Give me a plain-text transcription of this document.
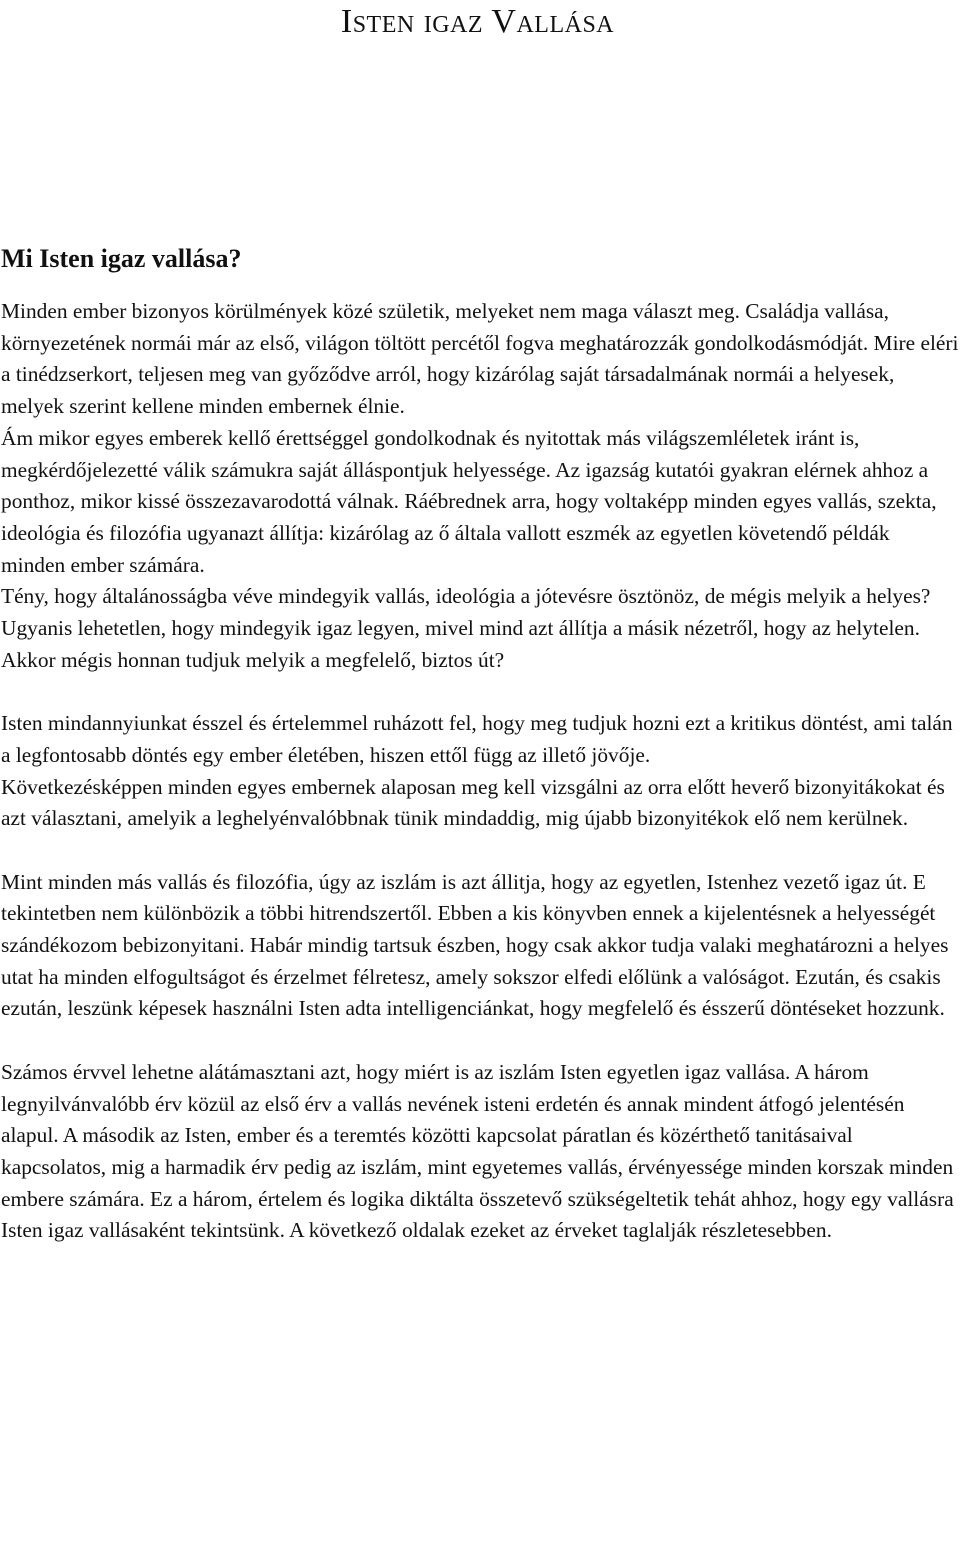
Isten igaz Vallása
Mi Isten igaz vallása?

Minden ember bizonyos körülmények közé születik, melyeket nem maga választ meg. Családja vallása, környezetének normái már az első, világon töltött percétől fogva meghatározzák gondolkodásmódját. Mire eléri a tinédzserkort, teljesen meg van győződve arról, hogy kizárólag saját társadalmának normái a helyesek, melyek szerint kellene minden embernek élnie.

Ám mikor egyes emberek kellő érettséggel gondolkodnak és nyitottak más világszemléletek iránt is, megkérdőjelezetté válik számukra saját álláspontjuk helyessége. Az igazság kutatói gyakran elérnek ahhoz a ponthoz, mikor kissé összezavarodottá válnak. Ráébrednek arra, hogy voltaképp minden egyes vallás, szekta, ideológia és filozófia ugyanazt állítja: kizárólag az ő általa vallott eszmék az egyetlen követendő példák minden ember számára.

Tény, hogy általánosságba véve mindegyik vallás, ideológia a jótevésre ösztönöz, de mégis melyik a helyes? Ugyanis lehetetlen, hogy mindegyik igaz legyen, mivel mind azt állítja a másik nézetről, hogy az helytelen. Akkor mégis honnan tudjuk melyik a megfelelő, biztos út?

Isten mindannyiunkat ésszel és értelemmel ruházott fel, hogy meg tudjuk hozni ezt a kritikus döntést, ami talán a legfontosabb döntés egy ember életében, hiszen ettől függ az illető jövője.

Következésképpen minden egyes embernek alaposan meg kell vizsgálni az orra előtt heverő bizonyitákokat és azt választani, amelyik a leghelyénvalóbbnak tünik mindaddig, mig újabb bizonyitékok elő nem kerülnek.

Mint minden más vallás és filozófia, úgy az iszlám is azt állitja, hogy az egyetlen, Istenhez vezető igaz út. E tekintetben nem különbözik a többi hitrendszertől. Ebben a kis könyvben ennek a kijelentésnek a helyességét szándékozom bebizonyitani. Habár mindig tartsuk észben, hogy csak akkor tudja valaki meghatározni a helyes utat ha minden elfogultságot és érzelmet félretesz, amely sokszor elfedi előlünk a valóságot. Ezután, és csakis ezután, leszünk képesek használni Isten adta intelligenciánkat, hogy megfelelő és ésszerű döntéseket hozzunk.

Számos érvvel lehetne alátámasztani azt, hogy miért is az iszlám Isten egyetlen igaz vallása. A három legnyilvánvalóbb érv közül az első érv a vallás nevének isteni erdetén és annak mindent átfogó jelentésén alapul. A második az Isten, ember és a teremtés közötti kapcsolat páratlan és közérthető tanitásaival kapcsolatos, mig a harmadik érv pedig az iszlám, mint egyetemes vallás, érvényessége minden korszak minden embere számára. Ez a három, értelem és logika diktálta összetevő szükségeltetik tehát ahhoz, hogy egy vallásra Isten igaz vallásaként tekintsünk. A következő oldalak ezeket az érveket taglalják részletesebben.
